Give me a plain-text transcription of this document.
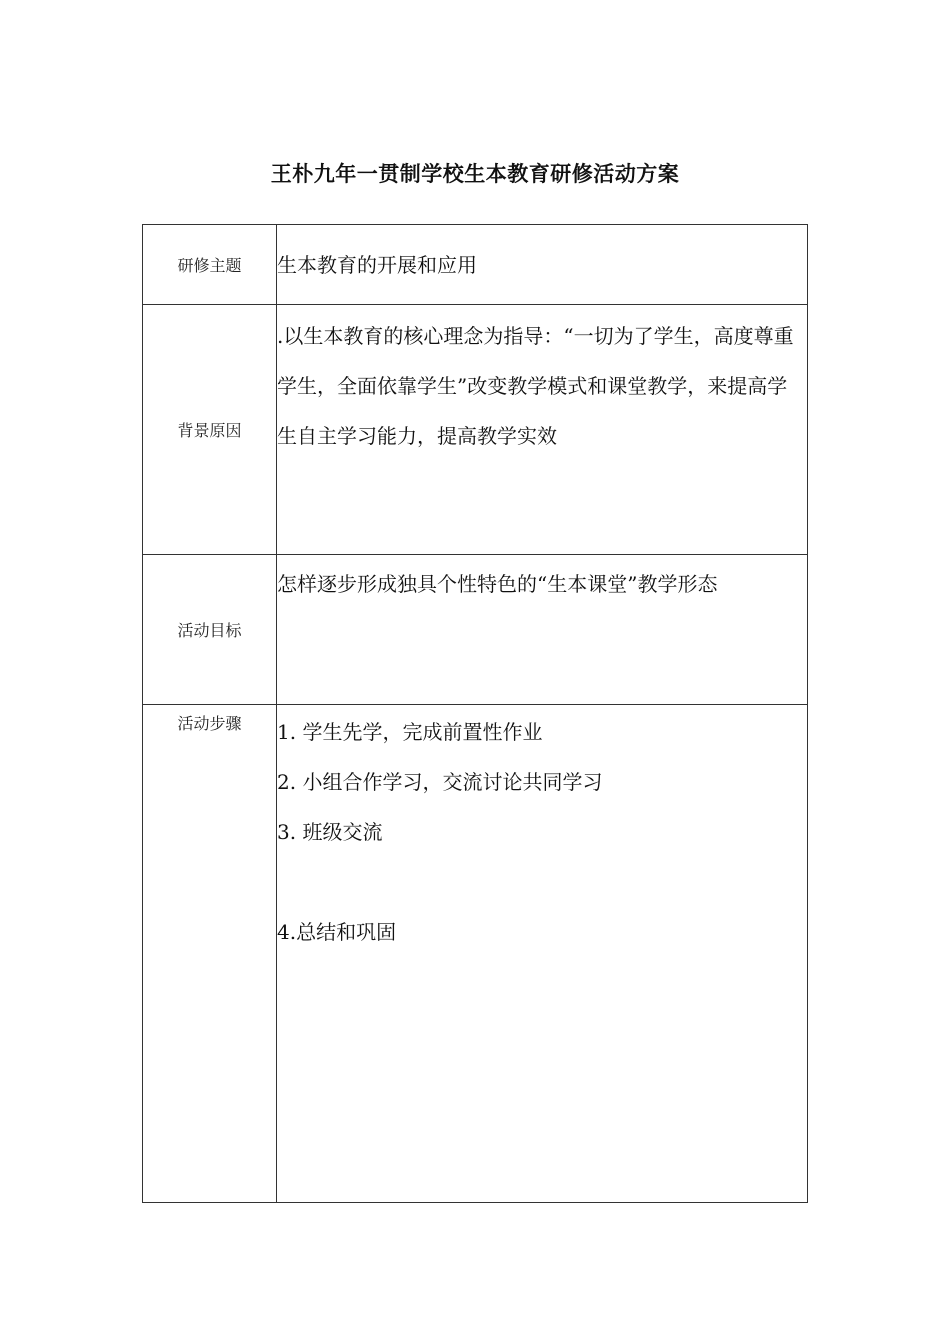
王朴九年一贯制学校生本教育研修活动方案
研修主题	生本教育的开展和应用
背景原因	.以生本教育的核心理念为指导：“一切为了学生，高度尊重学生，全面依靠学生”改变教学模式和课堂教学，来提高学生自主学习能力，提高教学实效

活动目标	怎样逐步形成独具个性特色的“生本课堂”教学形态

活动步骤	1. 学生先学，完成前置性作业
2. 小组合作学习，交流讨论共同学习
3. 班级交流
4.总结和巩固
